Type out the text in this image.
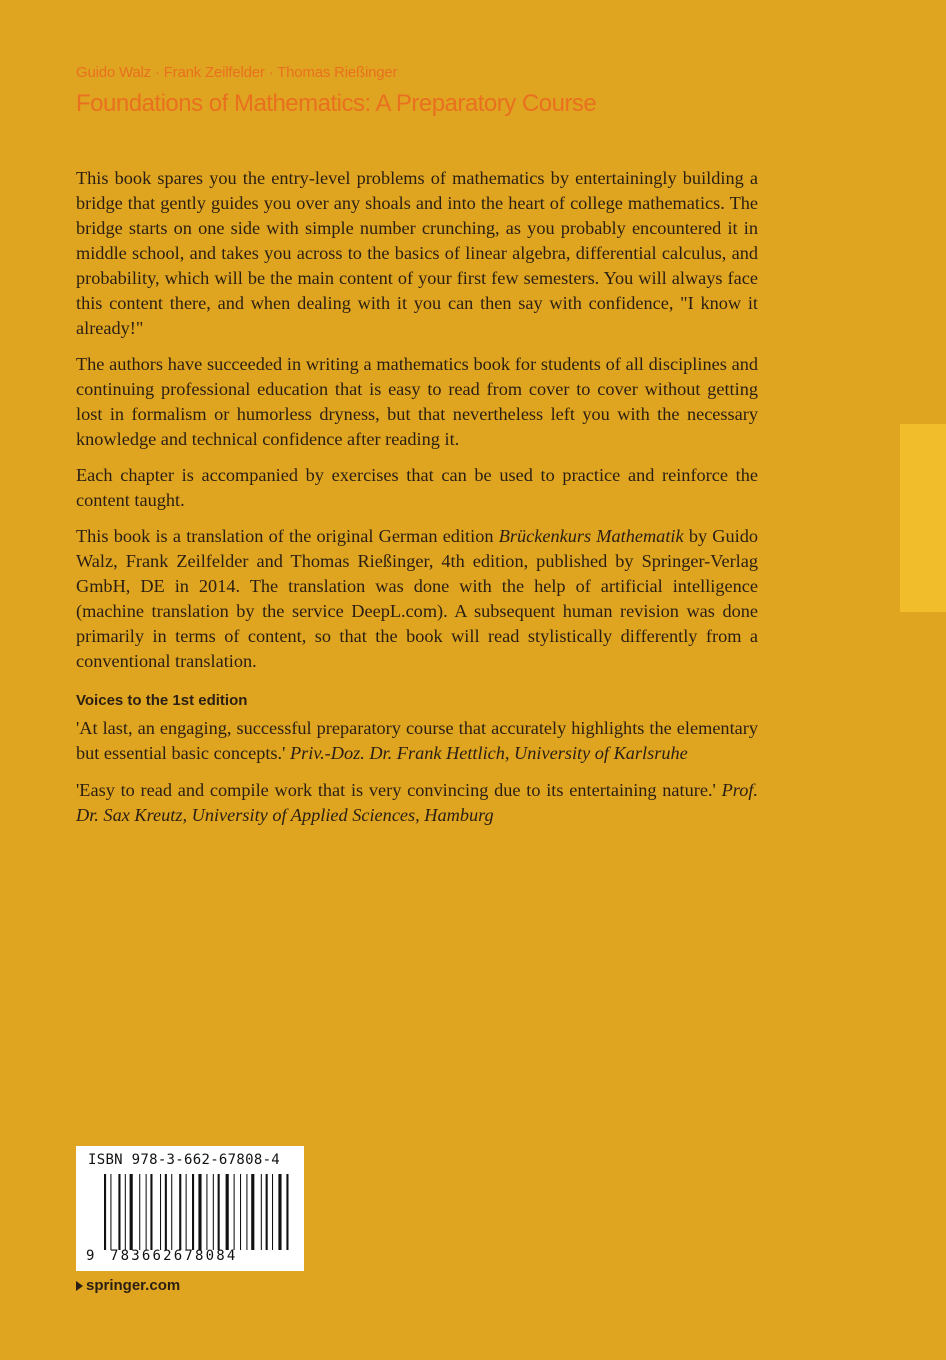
Guido Walz · Frank Zeilfelder · Thomas Rießinger
Foundations of Mathematics: A Preparatory Course

This book spares you the entry-level problems of mathematics by entertainingly building a bridge that gently guides you over any shoals and into the heart of college mathematics. The bridge starts on one side with simple number crunching, as you probably encountered it in middle school, and takes you across to the basics of linear algebra, differential calculus, and probability, which will be the main content of your first few semesters. You will always face this content there, and when dealing with it you can then say with confidence, "I know it already!"

The authors have succeeded in writing a mathematics book for students of all disciplines and continuing professional education that is easy to read from cover to cover without getting lost in formalism or humorless dryness, but that nevertheless left you with the necessary knowledge and technical confidence after reading it.

Each chapter is accompanied by exercises that can be used to practice and reinforce the content taught.

This book is a translation of the original German edition Brückenkurs Mathematik by Guido Walz, Frank Zeilfelder and Thomas Rießinger, 4th edition, published by Springer-Verlag GmbH, DE in 2014. The translation was done with the help of artificial intelligence (machine translation by the service DeepL.com). A subsequent human revision was done primarily in terms of content, so that the book will read stylistically differently from a conventional translation.

Voices to the 1st edition

'At last, an engaging, successful preparatory course that accurately highlights the elementary but essential basic concepts.' Priv.-Doz. Dr. Frank Hettlich, University of Karlsruhe

'Easy to read and compile work that is very convincing due to its entertaining nature.' Prof. Dr. Sax Kreutz, University of Applied Sciences, Hamburg

ISBN 978-3-662-67808-4
9 783662678084
springer.com
